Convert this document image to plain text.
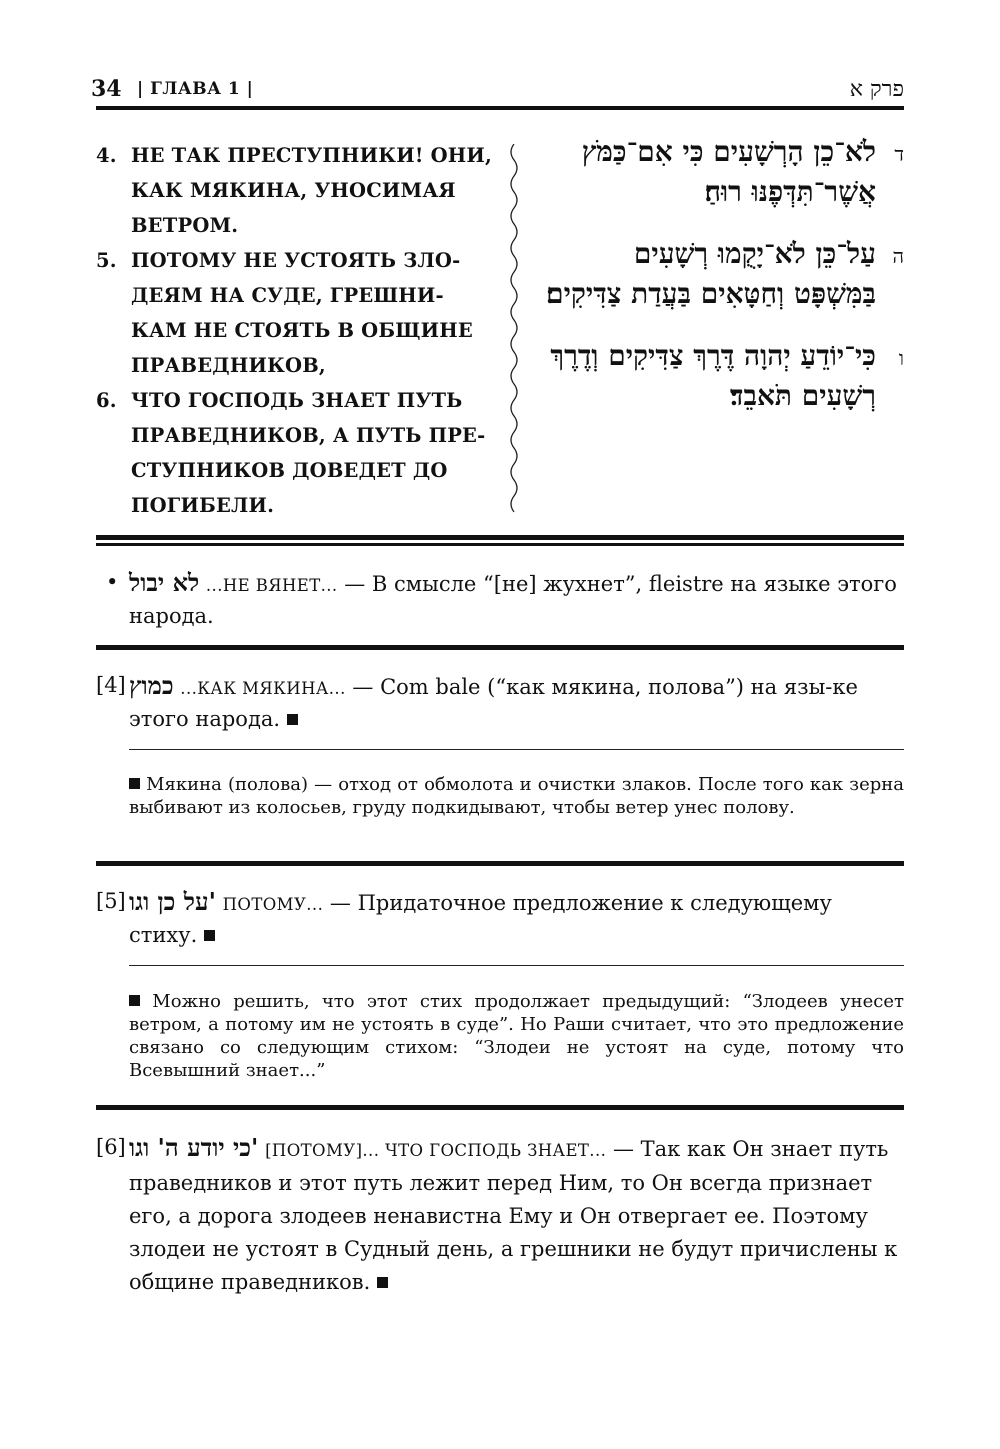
34 | ГЛАВА 1 |	פרק א
4. НЕ ТАК ПРЕСТУПНИКИ! ОНИ, КАК МЯКИНА, УНОСИМАЯ ВЕТРОМ.
5. ПОТОМУ НЕ УСТОЯТЬ ЗЛО-ДЕЯМ НА СУДЕ, ГРЕШНИ-КАМ НЕ СТОЯТЬ В ОБЩИНЕ ПРАВЕДНИКОВ,
6. ЧТО ГОСПОДЬ ЗНАЕТ ПУТЬ ПРАВЕДНИКОВ, А ПУТЬ ПРЕ-СТУПНИКОВ ДОВЕДЕТ ДО ПОГИБЕЛИ.
ד
לֹא־כֵן הָרְשָׁעִים כִּי אִם־כַּמֹּץ אֲשֶׁר־תִּדְּפֶנּוּ רוּחַ׃
ה
עַל־כֵּן לֹא־יָקֻמוּ רְשָׁעִים בַּמִּשְׁפָּט וְחַטָּאִים בַּעֲדַת צַדִּיקִים׃
ו
כִּי־יוֹדֵעַ יְהוָה דֶּרֶךְ צַדִּיקִים וְדֶרֶךְ רְשָׁעִים תֹּאבֵד׃
• לא יבול ...НЕ ВЯНЕТ... — В смысле “[не] жухнет”, fleistre на языке этого народа.
[4] כמוץ ...КАК МЯКИНА... — Com bale (“как мякина, полова”) на язы-ке этого народа.
Мякина (полова) — отход от обмолота и очистки злаков. После того как зерна выбивают из колосьев, груду подкидывают, чтобы ветер унес полову.
[5] על כן וגו' ПОТОМУ... — Придаточное предложение к следующему стиху.
Можно решить, что этот стих продолжает предыдущий: “Злодеев унесет ветром, а потому им не устоять в суде”. Но Раши считает, что это предложение связано со следующим стихом: “Злодеи не устоят на суде, потому что Всевышний знает...”
[6] כי יודע ה' וגו' [ПОТОМУ]... ЧТО ГОСПОДЬ ЗНАЕТ... — Так как Он знает путь праведников и этот путь лежит перед Ним, то Он всегда признает его, а дорога злодеев ненавистна Ему и Он отвергает ее. Поэтому злодеи не устоят в Судный день, а грешники не будут причислены к общине праведников.
